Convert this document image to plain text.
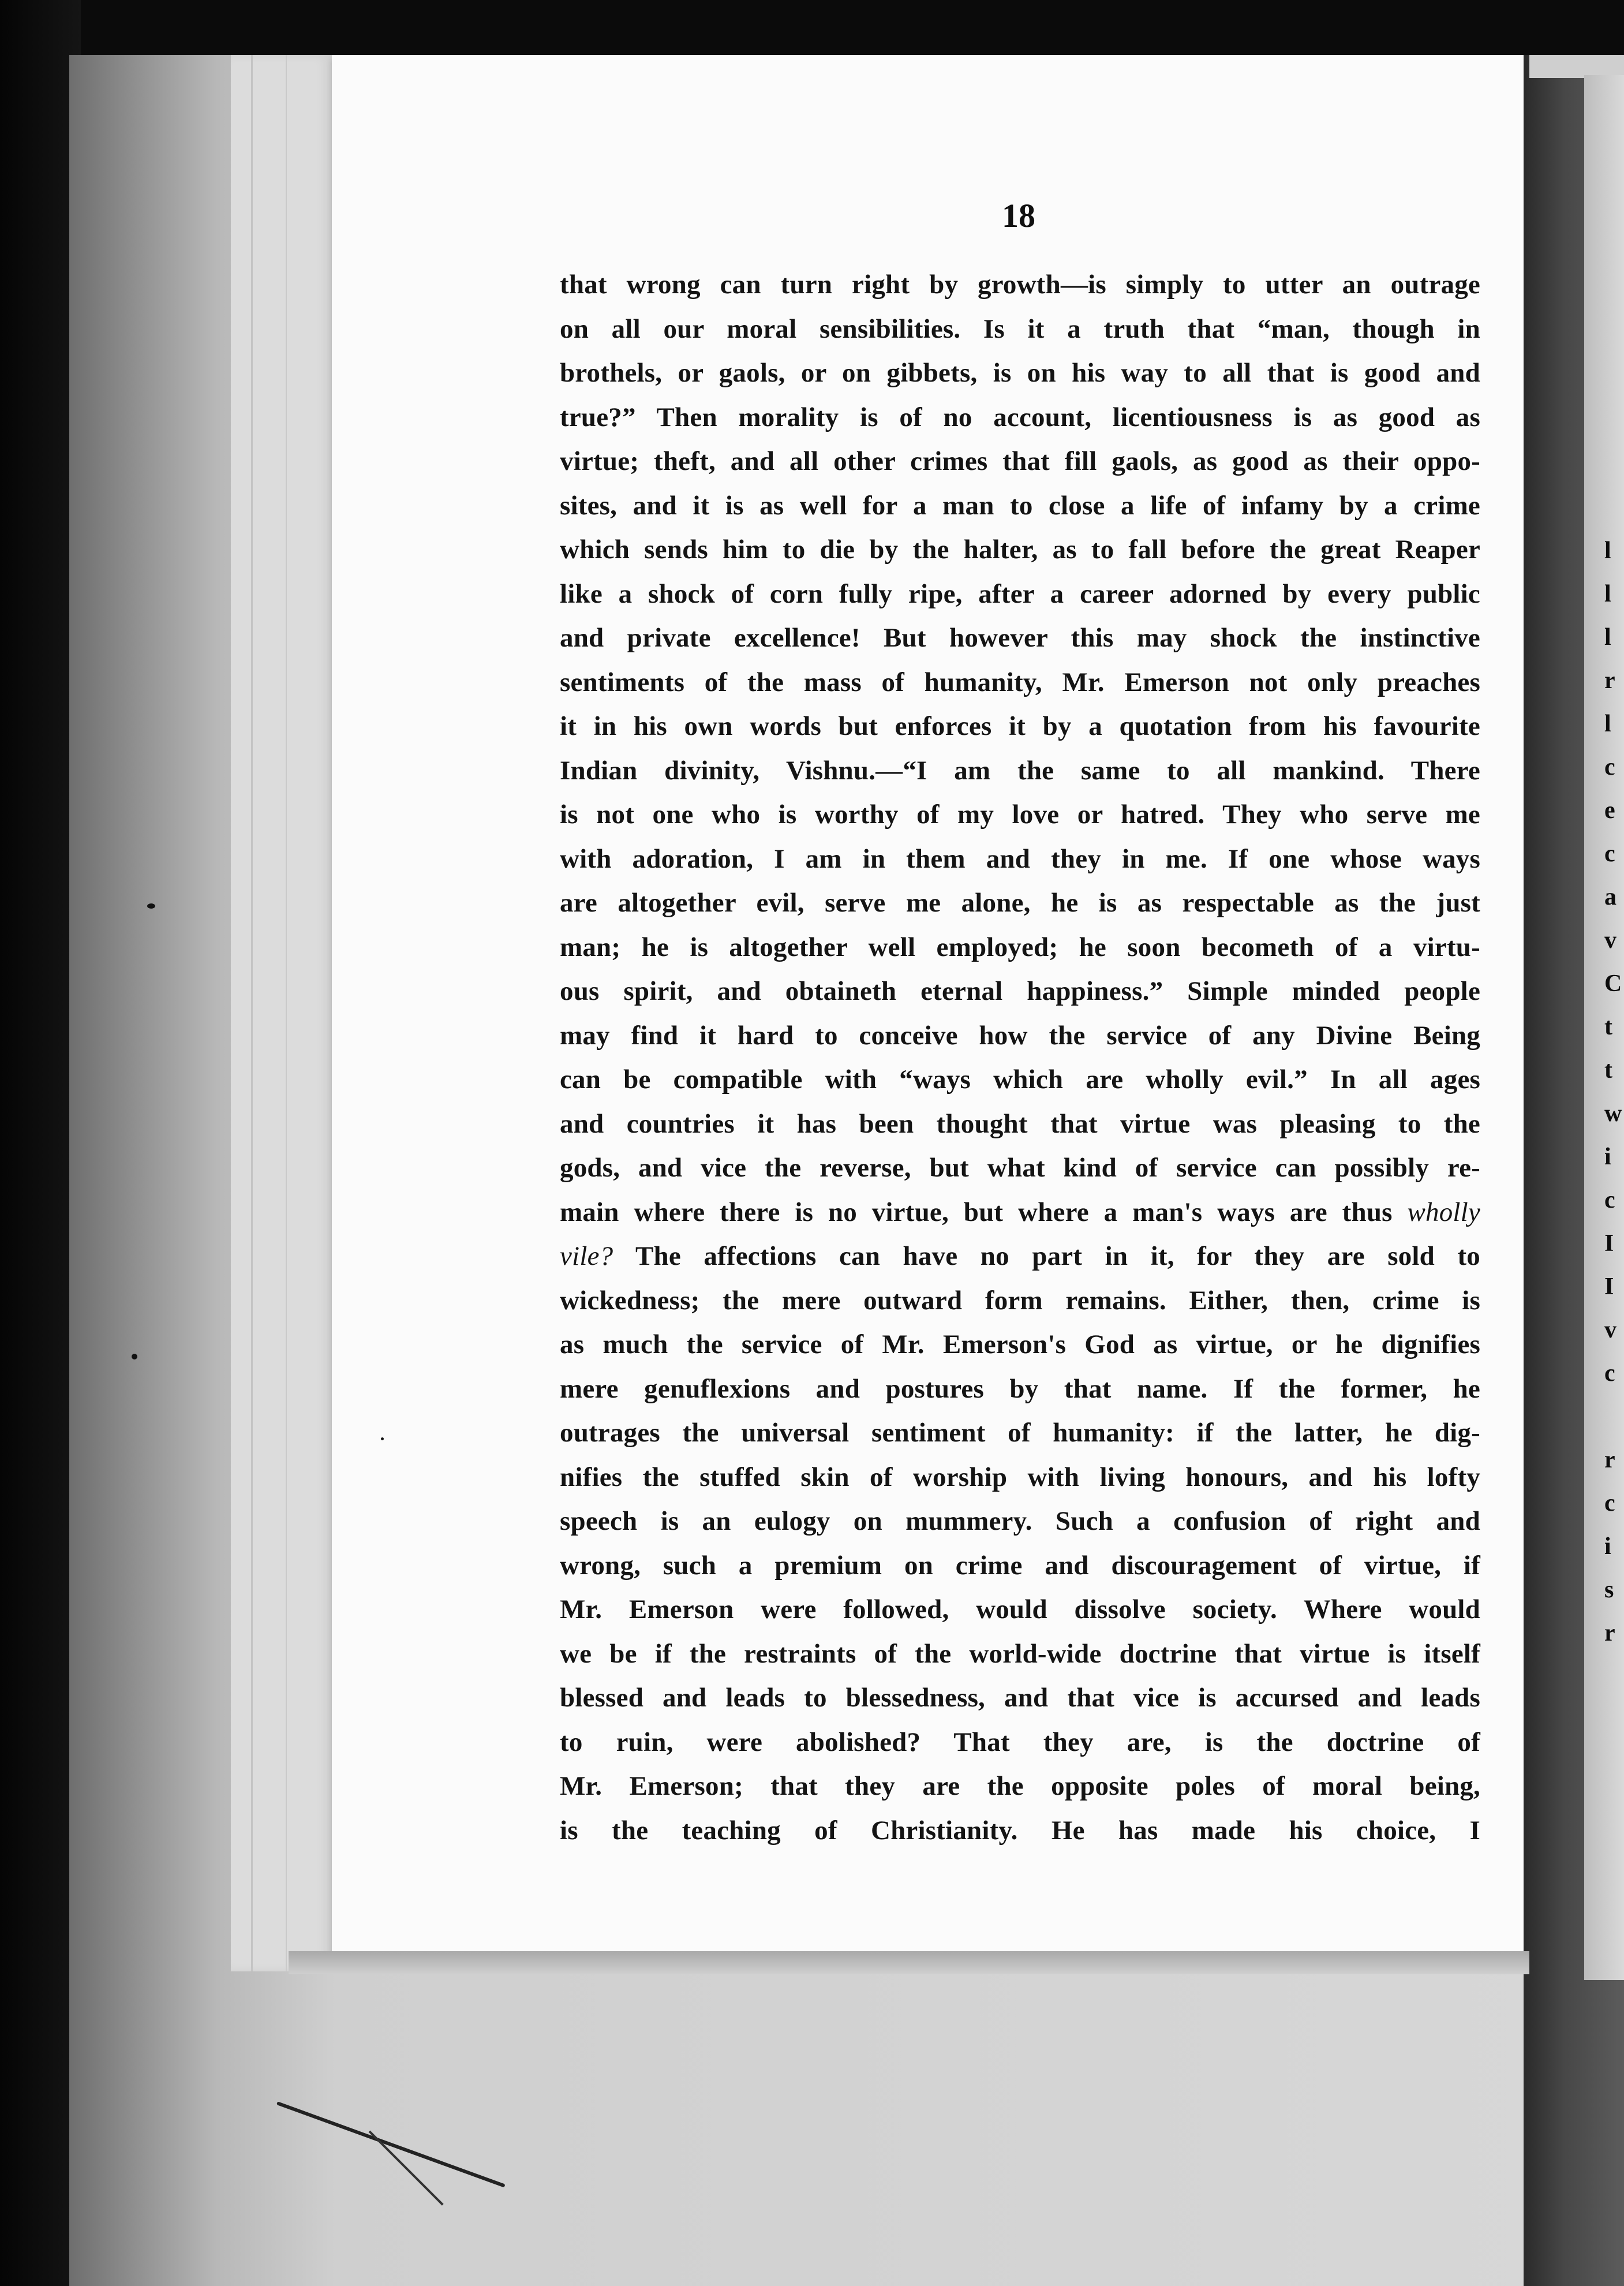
18
that wrong can turn right by growth—is simply to utter an outrage
on all our moral sensibilities. Is it a truth that “man, though in
brothels, or gaols, or on gibbets, is on his way to all that is good and
true?” Then morality is of no account, licentiousness is as good as
virtue; theft, and all other crimes that fill gaols, as good as their oppo-
sites, and it is as well for a man to close a life of infamy by a crime
which sends him to die by the halter, as to fall before the great Reaper
like a shock of corn fully ripe, after a career adorned by every public
and private excellence! But however this may shock the instinctive
sentiments of the mass of humanity, Mr. Emerson not only preaches
it in his own words but enforces it by a quotation from his favourite
Indian divinity, Vishnu.—“I am the same to all mankind. There
is not one who is worthy of my love or hatred. They who serve me
with adoration, I am in them and they in me. If one whose ways
are altogether evil, serve me alone, he is as respectable as the just
man; he is altogether well employed; he soon becometh of a virtu-
ous spirit, and obtaineth eternal happiness.” Simple minded people
may find it hard to conceive how the service of any Divine Being
can be compatible with “ways which are wholly evil.” In all ages
and countries it has been thought that virtue was pleasing to the
gods, and vice the reverse, but what kind of service can possibly re-
main where there is no virtue, but where a man's ways are thus wholly
vile? The affections can have no part in it, for they are sold to
wickedness; the mere outward form remains. Either, then, crime is
as much the service of Mr. Emerson's God as virtue, or he dignifies
mere genuflexions and postures by that name. If the former, he
outrages the universal sentiment of humanity: if the latter, he dig-
nifies the stuffed skin of worship with living honours, and his lofty
speech is an eulogy on mummery. Such a confusion of right and
wrong, such a premium on crime and discouragement of virtue, if
Mr. Emerson were followed, would dissolve society. Where would
we be if the restraints of the world-wide doctrine that virtue is itself
blessed and leads to blessedness, and that vice is accursed and leads
to ruin, were abolished? That they are, is the doctrine of
Mr. Emerson; that they are the opposite poles of moral being,
is the teaching of Christianity. He has made his choice, I
l
l
l
r
l
c
e
c
a
v
C
t
t
w
i
c
I
I
v
c
r
c
i
s
r
